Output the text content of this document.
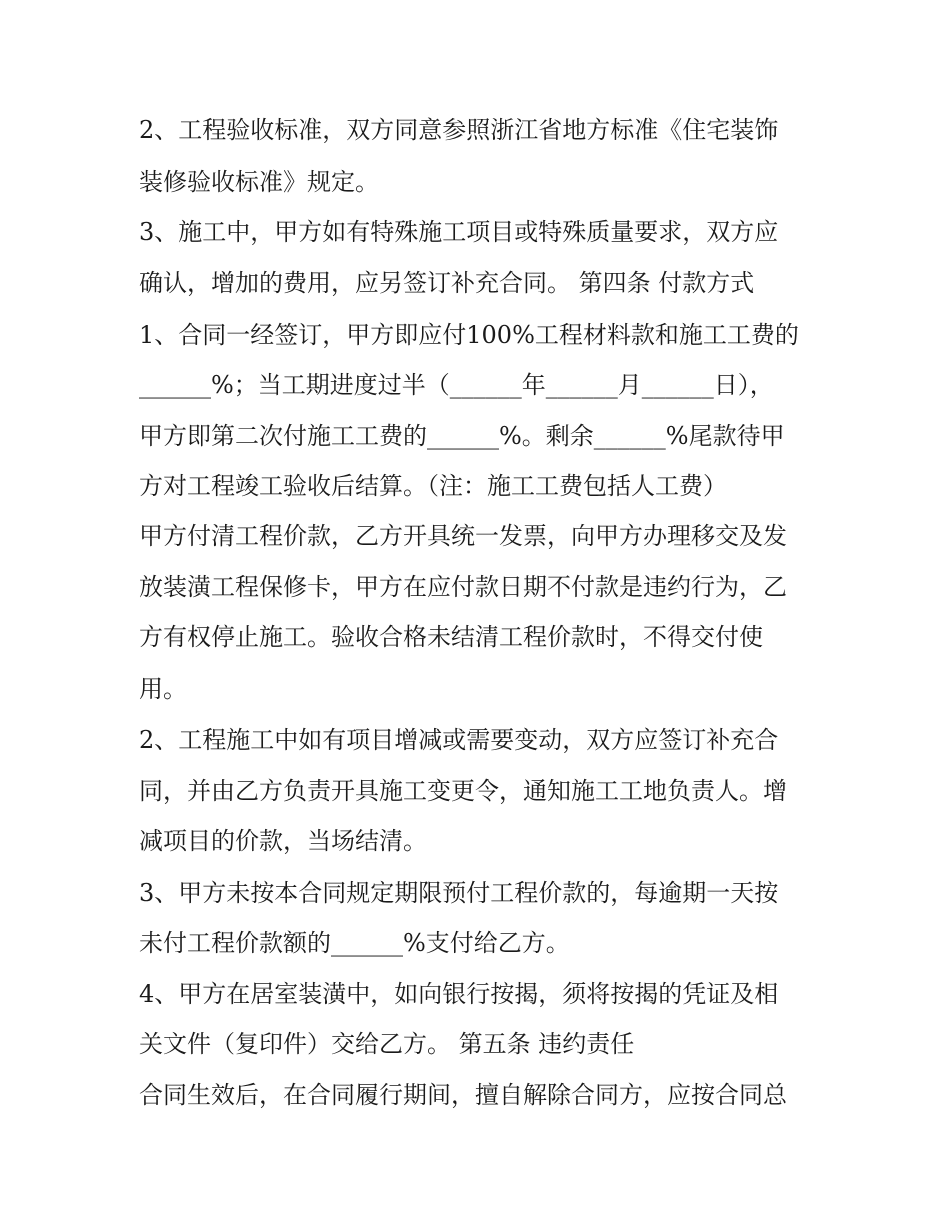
2、工程验收标准，双方同意参照浙江省地方标准《住宅装饰
装修验收标准》规定。
3、施工中，甲方如有特殊施工项目或特殊质量要求，双方应
确认，增加的费用，应另签订补充合同。 第四条 付款方式
1、合同一经签订，甲方即应付100%工程材料款和施工工费的
______%；当工期进度过半（______年______月______日），
甲方即第二次付施工工费的______%。剩余______%尾款待甲
方对工程竣工验收后结算。（注：施工工费包括人工费）
甲方付清工程价款，乙方开具统一发票，向甲方办理移交及发
放装潢工程保修卡，甲方在应付款日期不付款是违约行为，乙
方有权停止施工。验收合格未结清工程价款时，不得交付使
用。
2、工程施工中如有项目增减或需要变动，双方应签订补充合
同，并由乙方负责开具施工变更令，通知施工工地负责人。增
减项目的价款，当场结清。
3、甲方未按本合同规定期限预付工程价款的，每逾期一天按
未付工程价款额的______%支付给乙方。
4、甲方在居室装潢中，如向银行按揭，须将按揭的凭证及相
关文件（复印件）交给乙方。 第五条 违约责任
合同生效后，在合同履行期间，擅自解除合同方，应按合同总
